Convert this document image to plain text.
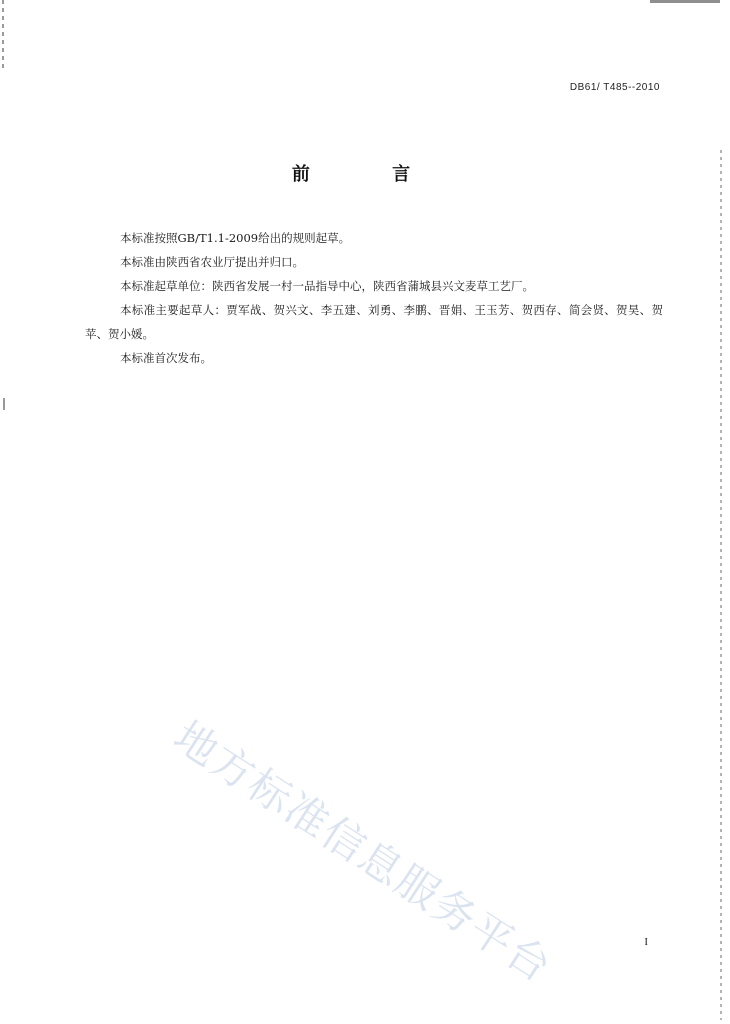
DB61/ T485--2010
前 言

本标准按照GB/T1.1-2009给出的规则起草。

本标准由陕西省农业厅提出并归口。

本标准起草单位：陕西省发展一村一品指导中心，陕西省蒲城县兴文麦草工艺厂。

本标准主要起草人：贾军战、贺兴文、李五建、刘勇、李鹏、晋娟、王玉芳、贺西存、简会贤、贺昊、贺苹、贺小媛。

本标准首次发布。

地方标准信息服务平台	I
